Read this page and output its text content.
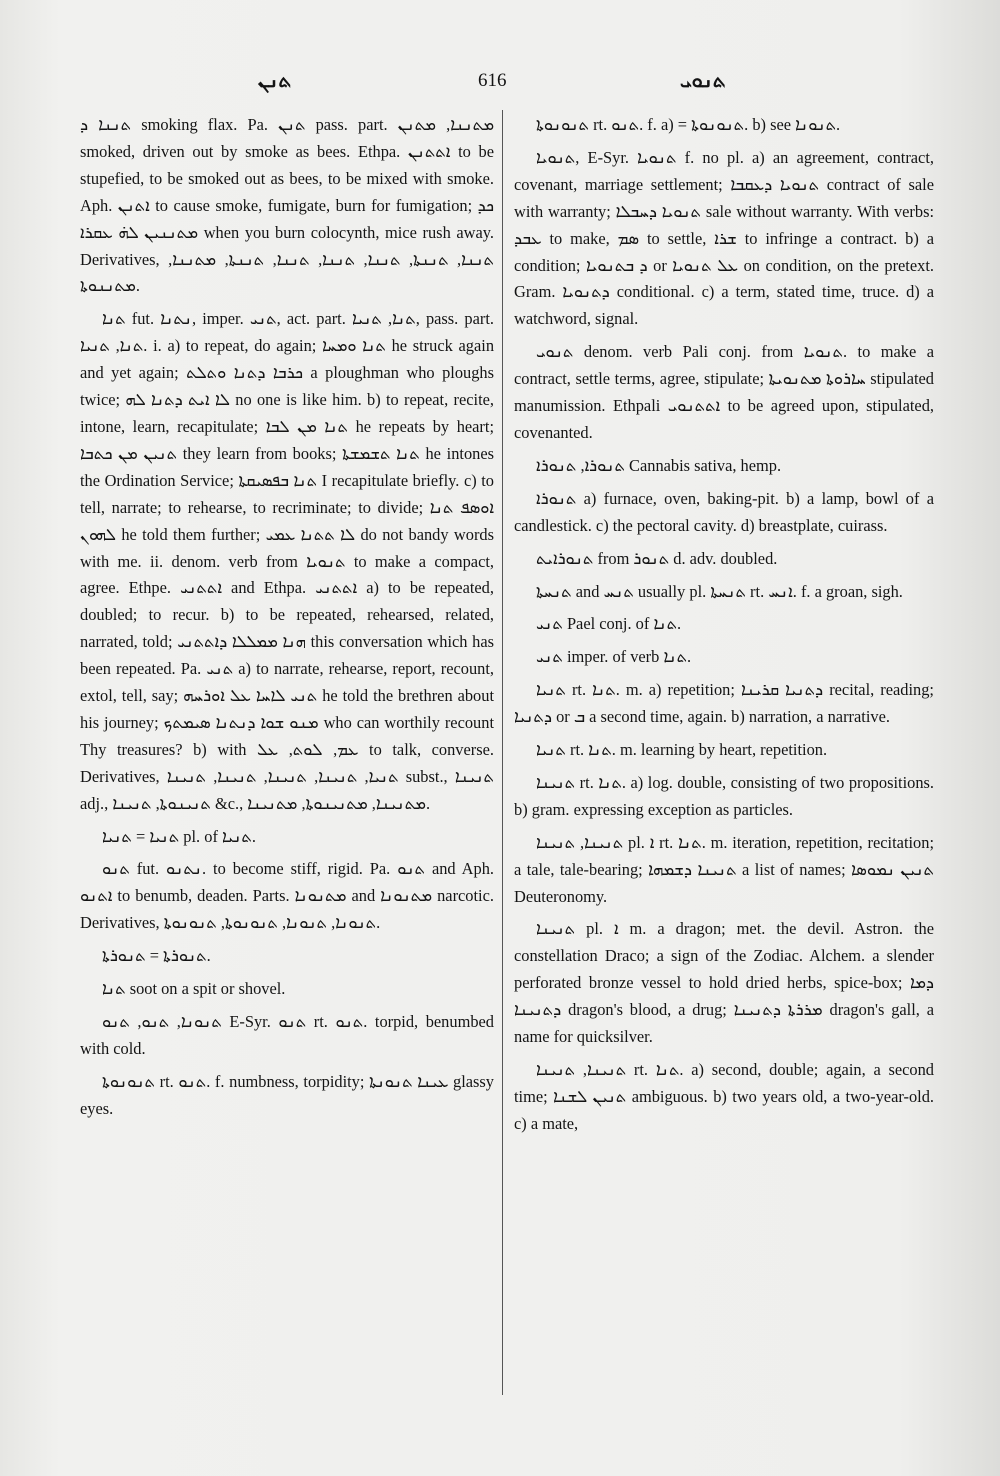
ܬܢܢ	616	ܬܢܘܝ

ܬܢܢܐ ܕ smoking flax. Pa. ܬܢܢ pass. part. ܡܬܢܢܐ, ܡܬܢܢ smoked, driven out by smoke as bees. Ethpa. ܐܬܬܢܢ to be stupefied, to be smoked out as bees, to be mixed with smoke. Aph. ܐܬܢܢ to cause smoke, fumigate, burn for fumigation; ܟܕ ܡܬܢܢܝܢ ܠܗ̇ ܥܩܪܐ when you burn colocynth, mice rush away. Derivatives, ܬܢܢܐ, ܬܢܢܬܐ, ܬܢܢܐ, ܬܢܢܐ, ܬܢܢܐ, ܬܢܢܬܐ, ܡܬܢܢܐ, ܡܬܢܢܘܬܐ.

ܬܢܐ fut. ܢܬܢܐ, imper. ܬܢܝ, act. part. ܬܢܐ, ܬܢܝܐ, pass. part. ܬܢܐ, ܬܢܝܐ. i. a) to repeat, do again; ܬܢܐ ܘܡܚܐ he struck again and yet again; ܟܪܒܐ ܕܬܢܐ ܘܬܠܬ a ploughman who ploughs twice; ܠܐ ܐܝܬ ܕܬܢܐ ܠܗ no one is like him. b) to repeat, recite, intone, learn, recapitulate; ܬܢܐ ܡܢ ܠܒܐ he repeats by heart; ܬܢܝܢ ܡܢ ܟܬܒܐ they learn from books; ܬܢܐ ܬܫܡܫܬܐ he intones the Ordination Service; ܬܢܐ ܒܦܣܝܩܬܐ I recapitulate briefly. c) to tell, narrate; to rehearse, to recriminate; to divide; ܐܘܣܦ ܬܢܐ ܠܗܘܢ he told them further; ܠܐ ܬܬܢܐ ܥܡܝ do not bandy words with me. ii. denom. verb from ܬܢܘܝܐ to make a compact, agree. Ethpe. ܐܬܬܢܝ and Ethpa. ܐܬܬܢܝ a) to be repeated, doubled; to recur. b) to be repeated, rehearsed, related, narrated, told; ܗܢܐ ܡܡܠܠܐ ܕܐܬܬܢܝ this conversation which has been repeated. Pa. ܬܢܝ a) to narrate, rehearse, report, recount, extol, tell, say; ܬܢܝ ܠܐܚܐ ܥܠ ܐܘܪܚܗ he told the brethren about his journey; ܡܢܘ ܫܘܐ ܕܢܬܢܐ ܣܝܡܬܟ who can worthily recount Thy treasures? b) with ܥܡ, ܠܘܬ, ܥܠ to talk, converse. Derivatives, ܬܢܝܐ, ܬܢܝܢܐ, ܬܢܝܢܐ, ܬܢܝܢܐ, ܬܢܝܢܐ subst., ܬܢܝܢܐ adj., ܬܢܝܢܘܬܐ, ܬܢܝܢܐ &c., ܡܬܢܝܢܐ, ܡܬܢܝܢܘܬܐ, ܡܬܢܝܢܐ.

ܬܢܝܐ = ܬܢܝܐ pl. of ܬܢܝܐ.

ܬܢܘ fut. ܢܬܢܘ. to become stiff, rigid. Pa. ܬܢܘ and Aph. ܐܬܢܘ to benumb, deaden. Parts. ܡܬܢܘܢܐ and ܡܬܢܘܢܐ narcotic. Derivatives, ܬܢܘܢܐ, ܬܢܘܢܐ, ܬܢܘܢܘܬܐ, ܬܢܘܢܘܬܐ.

ܬܢܘܪܬܐ = ܬܢܘܪܬܐ.

ܬܢܐ soot on a spit or shovel.

ܬܢܘܢܐ, ܬܢܘ, ܬܢܘ E-Syr. ܬܢܘ rt. ܬܢܘ. torpid, benumbed with cold.

ܬܢܘܢܘܬܐ rt. ܬܢܘ. f. numbness, torpidity; ܥܝܢܐ ܬܢܘܢܬܐ glassy eyes.

ܬܢܘܢܘܬܐ rt. ܬܢܘ. f. a) = ܬܢܘܢܘܬܐ. b) see ܬܢܘܢܐ.

ܬܢܘܝܐ, E-Syr. ܬܢܘܝܐ f. no pl. a) an agreement, contract, covenant, marriage settlement; ܬܢܘܝܐ ܕܥܩܒܐ contract of sale with warranty; ܬܢܘܝܐ ܕܚܒܠܐ sale without warranty. With verbs: ܥܒܕ to make, ܣܡ to settle, ܫܪܐ to infringe a contract. b) a condition; ܕ ܒܬܢܘܝܐ or ܥܠ ܬܢܘܝܐ on condition, on the pretext. Gram. ܕܬܢܘܝܐ conditional. c) a term, stated time, truce. d) a watchword, signal.

ܬܢܘܝ denom. verb Pali conj. from ܬܢܘܝܐ. to make a contract, settle terms, agree, stipulate; ܚܐܪܘܬܐ ܡܬܢܘܝܬܐ stipulated manumission. Ethpali ܐܬܬܢܘܝ to be agreed upon, stipulated, covenanted.

ܬܢܘܪܐ, ܬܢܘܪܐ Cannabis sativa, hemp.

ܬܢܘܪܐ a) furnace, oven, baking-pit. b) a lamp, bowl of a candlestick. c) the pectoral cavity. d) breastplate, cuirass.

ܬܢܘܪܐܝܬ from ܬܢܘܪ d. adv. doubled.

ܬܢܚܬܐ and ܬܢܚ usually pl. ܬܢܚܬܐ rt. ܐܢܚ. f. a groan, sigh.

ܬܢܝ Pael conj. of ܬܢܐ.

ܬܢܝ imper. of verb ܬܢܐ.

ܬܢܝܐ rt. ܬܢܐ. m. a) repetition; ܕܬܢܝܐ ܩܪܝܢܐ recital, reading; ܕܬܢܝܐ or ܒ a second time, again. b) narration, a narrative.

ܬܢܝܐ rt. ܬܢܐ. m. learning by heart, repetition.

ܬܢܝܢܐ rt. ܬܢܐ. a) log. double, consisting of two propositions. b) gram. expressing exception as particles.

ܬܢܝܢܐ, ܬܢܝܢܐ pl. ܐ rt. ܬܢܐ. m. iteration, repetition, recitation; a tale, tale-bearing; ܬܢܝܢܐ ܕܫܡܗܐ a list of names; ܬܢܝܢ ܢܡܘܣܐ Deuteronomy.

ܬܢܝܢܐ pl. ܐ m. a dragon; met. the devil. Astron. the constellation Draco; a sign of the Zodiac. Alchem. a slender perforated bronze vessel to hold dried herbs, spice-box; ܕܡܐ ܕܬܢܝܢܐ dragon's blood, a drug; ܡܪܪܬܐ ܕܬܢܝܢܐ dragon's gall, a name for quicksilver.

ܬܢܝܢܐ, ܬܢܝܢܐ rt. ܬܢܐ. a) second, double; again, a second time; ܬܢܝܢ ܠܫܢܐ ambiguous. b) two years old, a two-year-old. c) a mate,
